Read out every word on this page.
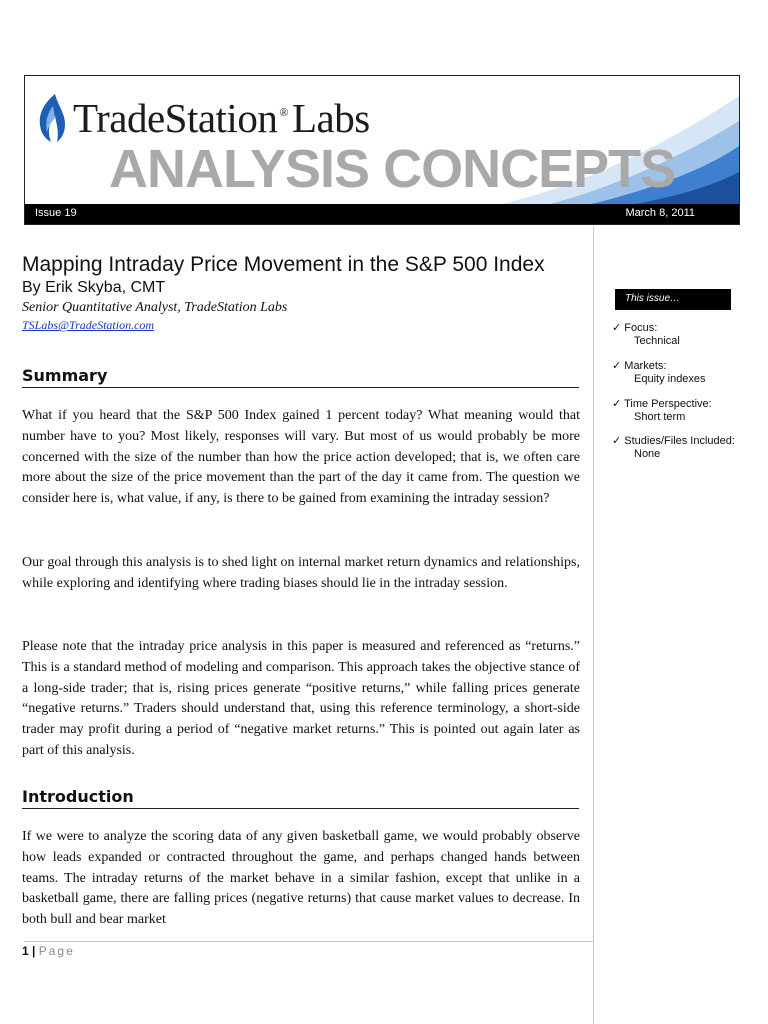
TradeStation ®Labs
ANALYSIS CONCEPTS
Issue 19	March 8, 2011
Mapping Intraday Price Movement in the S&P 500 Index
By Erik Skyba, CMT
Senior Quantitative Analyst, TradeStation Labs
TSLabs@TradeStation.com
Summary

What if you heard that the S&P 500 Index gained 1 percent today? What meaning would that number have to you? Most likely, responses will vary. But most of us would probably be more concerned with the size of the number than how the price action developed; that is, we often care more about the size of the price movement than the part of the day it came from. The question we consider here is, what value, if any, is there to be gained from examining the intraday session?

Our goal through this analysis is to shed light on internal market return dynamics and relationships, while exploring and identifying where trading biases should lie in the intraday session.

Please note that the intraday price analysis in this paper is measured and referenced as “returns.” This is a standard method of modeling and comparison. This approach takes the objective stance of a long-side trader; that is, rising prices generate “positive returns,” while falling prices generate “negative returns.” Traders should understand that, using this reference terminology, a short-side trader may profit during a period of “negative market returns.” This is pointed out again later as part of this analysis.

Introduction

If we were to analyze the scoring data of any given basketball game, we would probably observe how leads expanded or contracted throughout the game, and perhaps changed hands between teams. The intraday returns of the market behave in a similar fashion, except that unlike in a basketball game, there are falling prices (negative returns) that cause market values to decrease. In both bull and bear market

1 | Page
This issue…
✓ Focus:
Technical
✓ Markets:
Equity indexes
✓ Time Perspective:
Short term
✓ Studies/Files Included:
None
